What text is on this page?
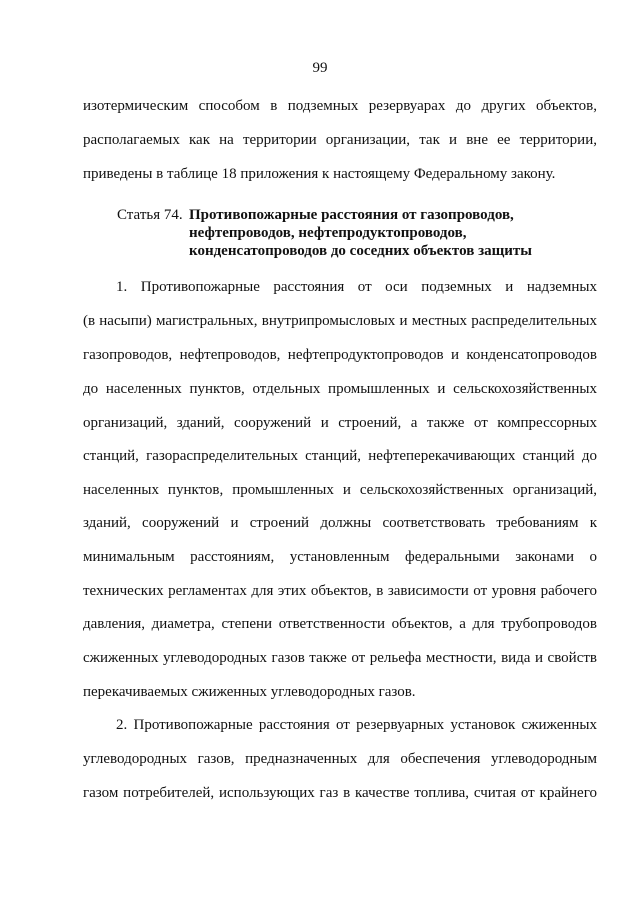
99
изотермическим способом в подземных резервуарах до других объектов,
располагаемых как на территории организации, так и вне ее территории,
приведены в таблице 18 приложения к настоящему Федеральному закону.
Статья 74. Противопожарные расстояния от газопроводов,
нефтепроводов, нефтепродуктопроводов,
конденсатопроводов до соседних объектов защиты
1. Противопожарные расстояния от оси подземных и надземных
(в насыпи) магистральных, внутрипромысловых и местных распределительных
газопроводов, нефтепроводов, нефтепродуктопроводов и конденсатопроводов
до населенных пунктов, отдельных промышленных и сельскохозяйственных
организаций, зданий, сооружений и строений, а также от компрессорных
станций, газораспределительных станций, нефтеперекачивающих станций до
населенных пунктов, промышленных и сельскохозяйственных организаций,
зданий, сооружений и строений должны соответствовать требованиям к
минимальным расстояниям, установленным федеральными законами о
технических регламентах для этих объектов, в зависимости от уровня рабочего
давления, диаметра, степени ответственности объектов, а для трубопроводов
сжиженных углеводородных газов также от рельефа местности, вида и свойств
перекачиваемых сжиженных углеводородных газов.
2. Противопожарные расстояния от резервуарных установок сжиженных
углеводородных газов, предназначенных для обеспечения углеводородным
газом потребителей, использующих газ в качестве топлива, считая от крайнего
